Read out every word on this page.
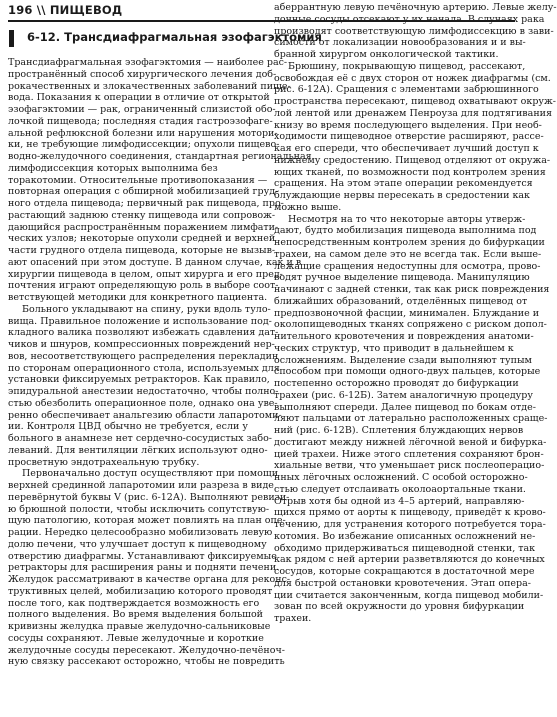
196 \\ ПИЩЕВОД
6-12. Трансдиафрагмальная эзофагэктомия

Трансдиафрагмальная эзофагэктомия — наиболее рас-
пространённый способ хирургического лечения доб-
рокачественных и злокачественных заболеваний пище-
вода. Показания к операции в отличие от открытой
эзофагэктомии — рак, ограниченный слизистой обо-
лочкой пищевода; последняя стадия гастроэзофаге-
альной рефлюксной болезни или нарушения мотори-
ки, не требующие лимфодиссекции; опухоли пищево-
водно-желудочного соединения, стандартная региональная
лимфодиссекция которых выполнима без
торакотомии. Относительные противопоказания —
повторная операция с обширной мобилизацией груд-
ного отдела пищевода; первичный рак пищевода, про-
растающий заднюю стенку пищевода или сопровож-
дающийся распространённым поражением лимфати-
ческих узлов; некоторые опухоли средней и верхней
части грудного отдела пищевода, которые не вызыв-
ают опасений при этом доступе. В данном случае, как и в
хирургии пищевода в целом, опыт хирурга и его пред-
почтения играют определяющую роль в выборе соот-
ветствующей методики для конкретного пациента.

Больного укладывают на спину, руки вдоль туло-
вища. Правильное положение и использование под-
кладного валика позволяют избежать сдавления дат-
чиков и шнуров, компрессионных повреждений нер-
вов, несоответствующего распределения перекладин
по сторонам операционного стола, используемых для
установки фиксируемых ретракторов. Как правило,
эпидуральной анестезии недостаточно, чтобы полно-
стью обезболить операционное поле, однако она уве-
ренно обеспечивает анальгезию области лапаротоми-
ии. Контроля ЦВД обычно не требуется, если у
больного в анамнезе нет сердечно-сосудистых забо-
леваний. Для вентиляции лёгких используют одно-
просветную эндотрахеальную трубку.

Первоначально доступ осуществляют при помощи
верхней срединной лапаротомии или разреза в виде
перевёрнутой буквы V (рис. 6-12А). Выполняют ревизи-
ю брюшной полости, чтобы исключить сопутствую-
щую патологию, которая может повлиять на план опе-
рации. Нередко целесообразно мобилизовать левую
долю печени, что улучшает доступ к пищеводному
отверстию диафрагмы. Устанавливают фиксируемые
ретракторы для расширения раны и подняти печени.
Желудок рассматривают в качестве органа для реконс-
труктивных целей, мобилизацию которого проводят
после того, как подтверждается возможность его
полного выделения. Во время выделения большой
кривизны желудка правые желудочно-сальниковые
сосуды сохраняют. Левые желудочные и короткие
желудочные сосуды пересекают. Желудочно-печёноч-
ную связку рассекают осторожно, чтобы не повредить

аберрантную левую печёночную артерию. Левые желу-
дочные сосуды отсекают у их начала. В случаях рака
производят соответствующую лимфодиссекцию в зави-
симости от локализации новообразования и и вы-
бранной хирургом онкологической тактики.

Брюшину, покрывающую пищевод, рассекают,
освобождая её с двух сторон от ножек диафрагмы (см.
рис. 6-12А). Сращения с элементами забрюшинного
пространства пересекают, пищевод охватывают окруж-
лой лентой или дренажем Пенроуза для подтягивания
книзу во время последующего выделения. При необ-
ходимости пищеводное отверстие расширяют, рассе-
кая его спереди, что обеспечивает лучший доступ к
нижнему средостению. Пищевод отделяют от окружа-
ющих тканей, по возможности под контролем зрения
сращения. На этом этапе операции рекомендуется
блуждающие нервы пересекать в средостении как
можно выше.

Несмотря на то что некоторые авторы утверж-
дают, будто мобилизация пищевода выполнима под
непосредственным контролем зрения до бифуркации
трахеи, на самом деле это не всегда так. Если выше-
лежащие сращения недоступны для осмотра, прово-
водят ручное выделение пищевода. Манипуляцию
начинают с задней стенки, так как риск повреждения
ближайших образований, отделённых пищевод от
предпозвоночной фасции, минимален. Блуждание и
околопищеводных тканях сопряжено с риском допол-
нительного кровотечения и повреждения анатоми-
ческих структур, что приводит в дальнейшем к
осложнениям. Выделение сзади выполняют тупым
способом при помощи одного-двух пальцев, которые
постепенно осторожно проводят до бифуркации
трахеи (рис. 6-12Б). Затем аналогичную процедуру
выполняют спереди. Далее пищевод по бокам отде-
ляют пальцами от латерально расположенных сраще-
ний (рис. 6-12В). Сплетения блуждающих нервов
достигают между нижней лёгочной веной и бифурка-
цией трахеи. Ниже этого сплетения сохраняют брон-
хиальные ветви, что уменьшает риск послеоперацио-
нных лёгочных осложнений. С особой осторожно-
стью следует отслаивать околоаортальные ткани.
Отрыв хотя бы одной из 4–5 артерий, направляю-
щихся прямо от аорты к пищеводу, приведёт к крово-
течению, для устранения которого потребуется тора-
котомия. Во избежание описанных осложнений не-
обходимо придерживаться пищеводной стенки, так
как рядом с ней артерии разветвляются до конечных
сосудов, которые сокращаются в достаточной мере
для быстрой остановки кровотечения. Этап опера-
ции считается законченным, когда пищевод мобили-
зован по всей окружности до уровня бифуркации
трахеи.
